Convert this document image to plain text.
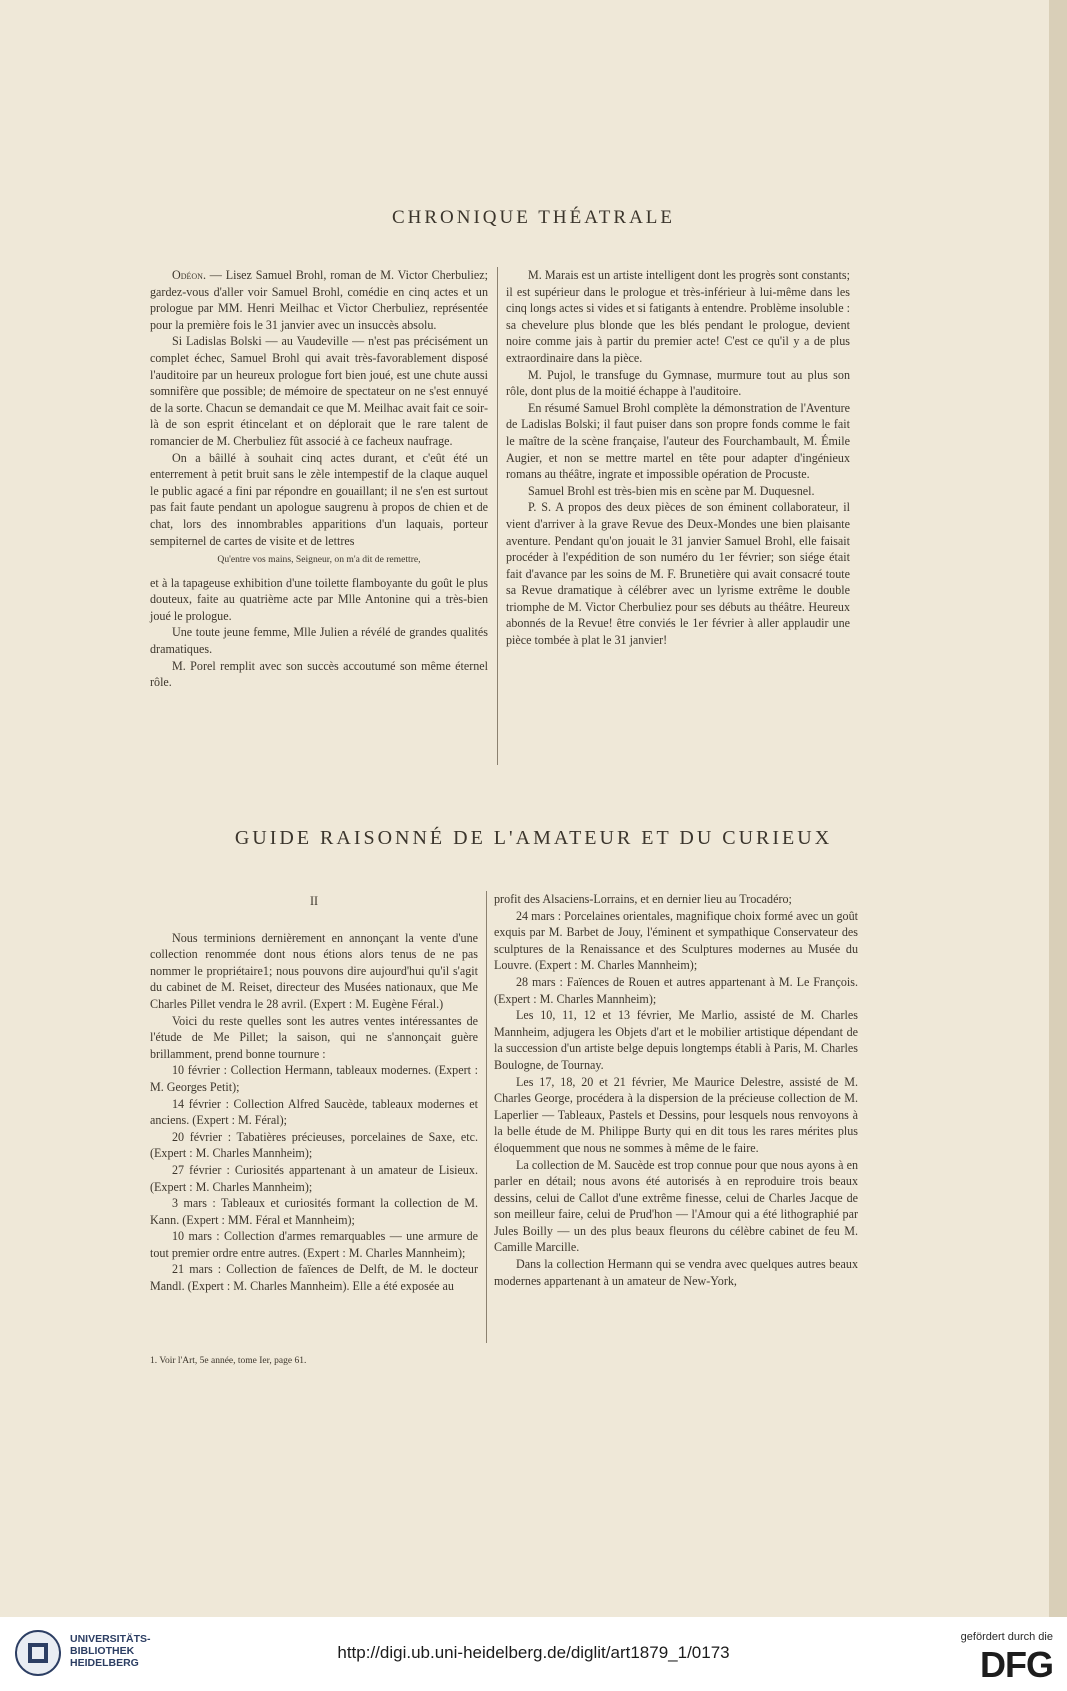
CHRONIQUE THÉATRALE

Odéon. — Lisez Samuel Brohl, roman de M. Victor Cherbuliez; gardez-vous d'aller voir Samuel Brohl, comédie en cinq actes et un prologue par MM. Henri Meilhac et Victor Cherbuliez, représentée pour la première fois le 31 janvier avec un insuccès absolu.

Si Ladislas Bolski — au Vaudeville — n'est pas précisément un complet échec, Samuel Brohl qui avait très-favorablement disposé l'auditoire par un heureux prologue fort bien joué, est une chute aussi somnifère que possible; de mémoire de spectateur on ne s'est ennuyé de la sorte. Chacun se demandait ce que M. Meilhac avait fait ce soir-là de son esprit étincelant et on déplorait que le rare talent de romancier de M. Cherbuliez fût associé à ce facheux naufrage.

On a bâillé à souhait cinq actes durant, et c'eût été un enterrement à petit bruit sans le zèle intempestif de la claque auquel le public agacé a fini par répondre en gouaillant; il ne s'en est surtout pas fait faute pendant un apologue saugrenu à propos de chien et de chat, lors des innombrables apparitions d'un laquais, porteur sempiternel de cartes de visite et de lettres

Qu'entre vos mains, Seigneur, on m'a dit de remettre,

et à la tapageuse exhibition d'une toilette flamboyante du goût le plus douteux, faite au quatrième acte par Mlle Antonine qui a très-bien joué le prologue.

Une toute jeune femme, Mlle Julien a révélé de grandes qualités dramatiques.

M. Porel remplit avec son succès accoutumé son même éternel rôle.

M. Marais est un artiste intelligent dont les progrès sont constants; il est supérieur dans le prologue et très-inférieur à lui-même dans les cinq longs actes si vides et si fatigants à entendre. Problème insoluble : sa chevelure plus blonde que les blés pendant le prologue, devient noire comme jais à partir du premier acte! C'est ce qu'il y a de plus extraordinaire dans la pièce.

M. Pujol, le transfuge du Gymnase, murmure tout au plus son rôle, dont plus de la moitié échappe à l'auditoire.

En résumé Samuel Brohl complète la démonstration de l'Aventure de Ladislas Bolski; il faut puiser dans son propre fonds comme le fait le maître de la scène française, l'auteur des Fourchambault, M. Émile Augier, et non se mettre martel en tête pour adapter d'ingénieux romans au théâtre, ingrate et impossible opération de Procuste.

Samuel Brohl est très-bien mis en scène par M. Duquesnel.

P. S. A propos des deux pièces de son éminent collaborateur, il vient d'arriver à la grave Revue des Deux-Mondes une bien plaisante aventure. Pendant qu'on jouait le 31 janvier Samuel Brohl, elle faisait procéder à l'expédition de son numéro du 1er février; son siége était fait d'avance par les soins de M. F. Brunetière qui avait consacré toute sa Revue dramatique à célébrer avec un lyrisme extrême le double triomphe de M. Victor Cherbuliez pour ses débuts au théâtre. Heureux abonnés de la Revue! être conviés le 1er février à aller applaudir une pièce tombée à plat le 31 janvier!

GUIDE RAISONNÉ DE L'AMATEUR ET DU CURIEUX

II

Nous terminions dernièrement en annonçant la vente d'une collection renommée dont nous étions alors tenus de ne pas nommer le propriétaire1; nous pouvons dire aujourd'hui qu'il s'agit du cabinet de M. Reiset, directeur des Musées nationaux, que Me Charles Pillet vendra le 28 avril. (Expert : M. Eugène Féral.)

Voici du reste quelles sont les autres ventes intéressantes de l'étude de Me Pillet; la saison, qui ne s'annonçait guère brillamment, prend bonne tournure :

10 février : Collection Hermann, tableaux modernes. (Expert : M. Georges Petit);

14 février : Collection Alfred Saucède, tableaux modernes et anciens. (Expert : M. Féral);

20 février : Tabatières précieuses, porcelaines de Saxe, etc. (Expert : M. Charles Mannheim);

27 février : Curiosités appartenant à un amateur de Lisieux. (Expert : M. Charles Mannheim);

3 mars : Tableaux et curiosités formant la collection de M. Kann. (Expert : MM. Féral et Mannheim);

10 mars : Collection d'armes remarquables — une armure de tout premier ordre entre autres. (Expert : M. Charles Mannheim);

21 mars : Collection de faïences de Delft, de M. le docteur Mandl. (Expert : M. Charles Mannheim). Elle a été exposée au

profit des Alsaciens-Lorrains, et en dernier lieu au Trocadéro;

24 mars : Porcelaines orientales, magnifique choix formé avec un goût exquis par M. Barbet de Jouy, l'éminent et sympathique Conservateur des sculptures de la Renaissance et des Sculptures modernes au Musée du Louvre. (Expert : M. Charles Mannheim);

28 mars : Faïences de Rouen et autres appartenant à M. Le François. (Expert : M. Charles Mannheim);

Les 10, 11, 12 et 13 février, Me Marlio, assisté de M. Charles Mannheim, adjugera les Objets d'art et le mobilier artistique dépendant de la succession d'un artiste belge depuis longtemps établi à Paris, M. Charles Boulogne, de Tournay.

Les 17, 18, 20 et 21 février, Me Maurice Delestre, assisté de M. Charles George, procédera à la dispersion de la précieuse collection de M. Laperlier — Tableaux, Pastels et Dessins, pour lesquels nous renvoyons à la belle étude de M. Philippe Burty qui en dit tous les rares mérites plus éloquemment que nous ne sommes à même de le faire.

La collection de M. Saucède est trop connue pour que nous ayons à en parler en détail; nous avons été autorisés à en reproduire trois beaux dessins, celui de Callot d'une extrême finesse, celui de Charles Jacque de son meilleur faire, celui de Prud'hon — l'Amour qui a été lithographié par Jules Boilly — un des plus beaux fleurons du célèbre cabinet de feu M. Camille Marcille.

Dans la collection Hermann qui se vendra avec quelques autres beaux modernes appartenant à un amateur de New-York,

1. Voir l'Art, 5e année, tome Ier, page 61.
UNIVERSITÄTS-
BIBLIOTHEK
HEIDELBERG
http://digi.ub.uni-heidelberg.de/diglit/art1879_1/0173
gefördert durch die
DFG
